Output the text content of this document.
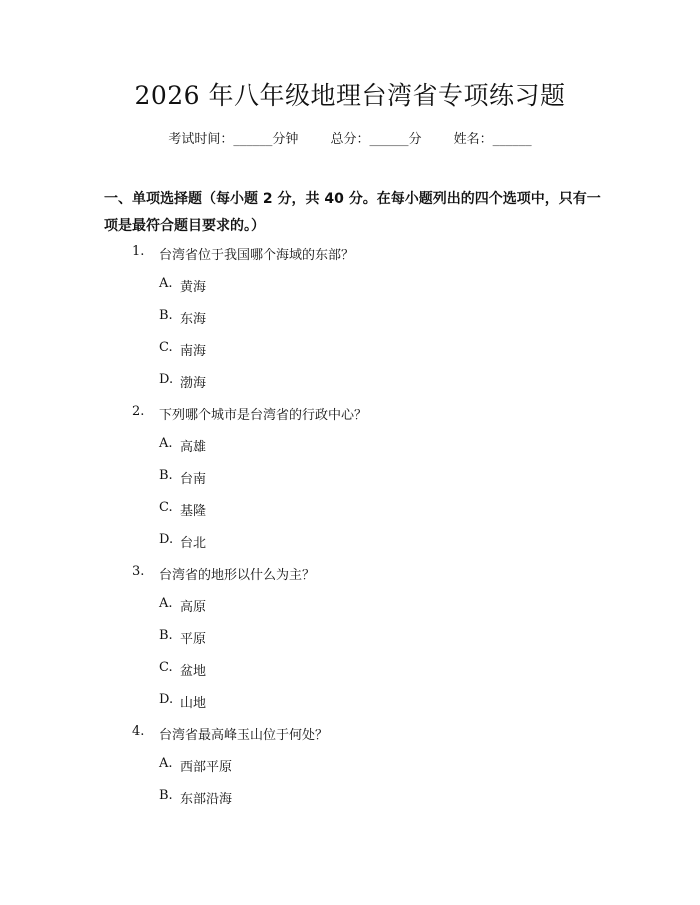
2026 年八年级地理台湾省专项练习题
考试时间：______分钟 总分：______分 姓名：______
一、单项选择题（每小题 2 分，共 40 分。在每小题列出的四个选项中，只有一项是最符合题目要求的。）
1.	台湾省位于我国哪个海域的东部？
A. 黄海
B. 东海
C. 南海
D. 渤海
2.	下列哪个城市是台湾省的行政中心？
A. 高雄
B. 台南
C. 基隆
D. 台北
3.	台湾省的地形以什么为主？
A. 高原
B. 平原
C. 盆地
D. 山地
4.	台湾省最高峰玉山位于何处？
A. 西部平原
B. 东部沿海
